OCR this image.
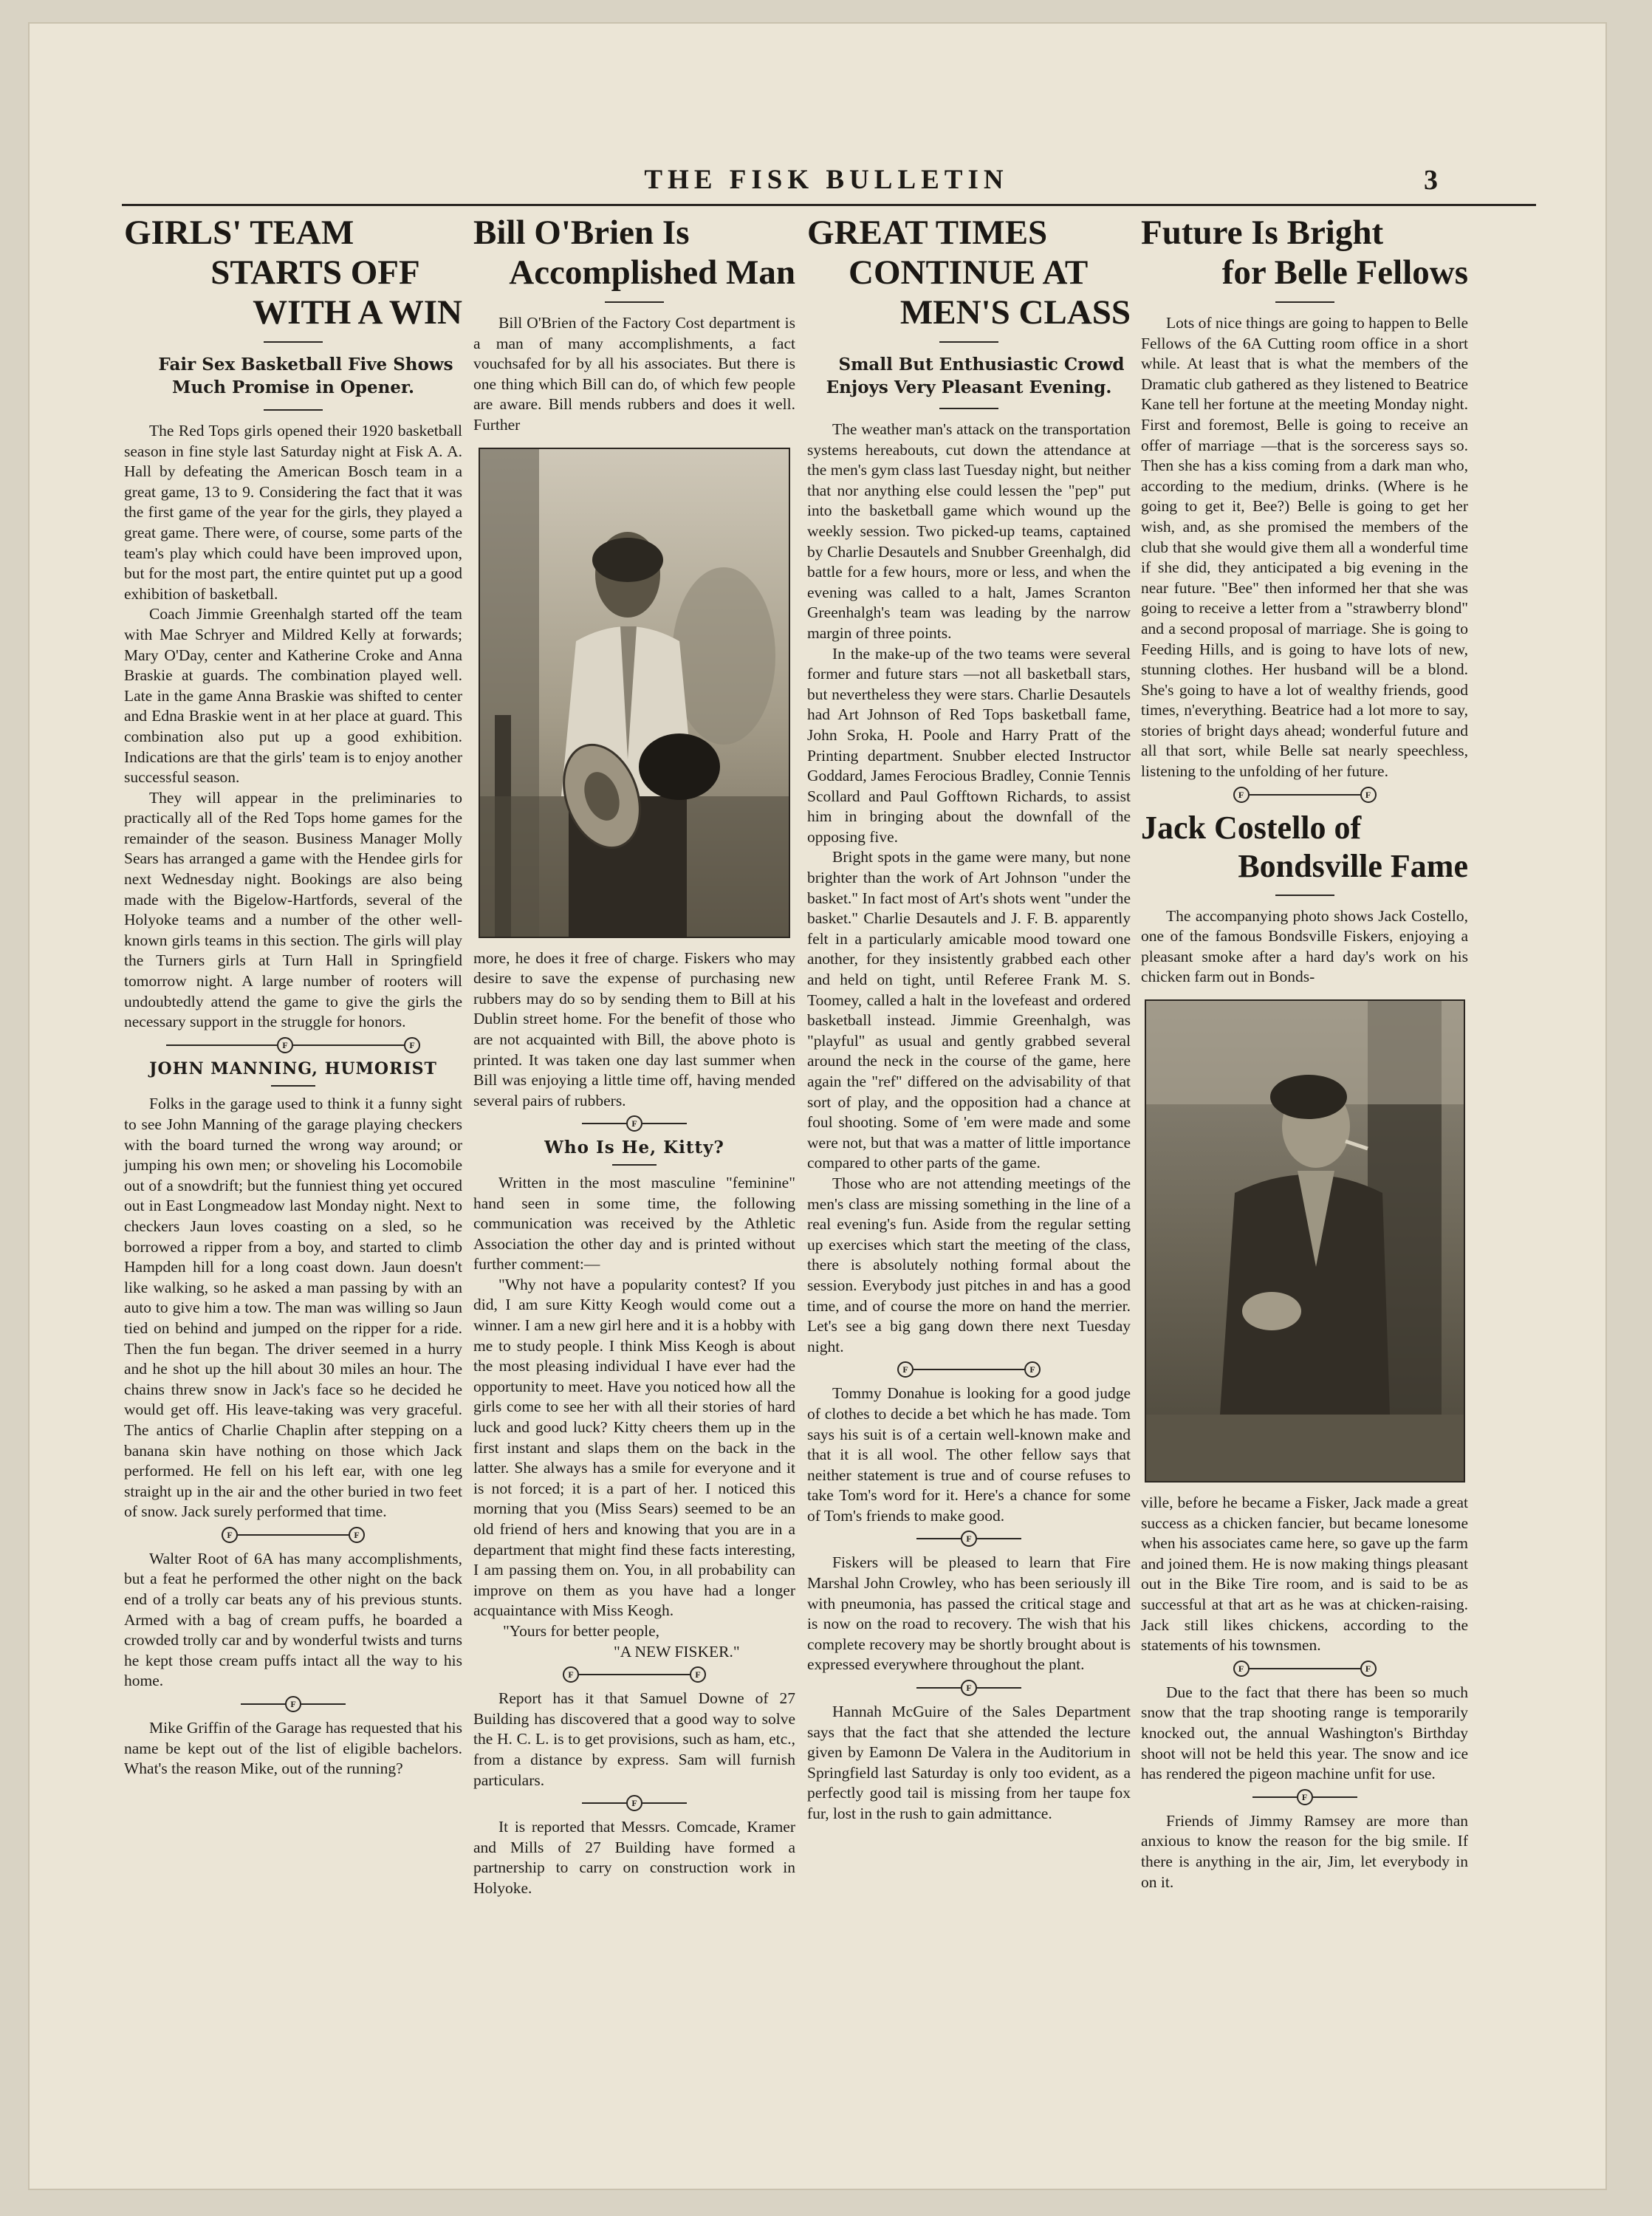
THE FISK BULLETIN	3
GIRLS' TEAM
STARTS OFF
WITH A WIN

Fair Sex Basketball Five Shows Much Promise in Opener.

The Red Tops girls opened their 1920 basketball season in fine style last Saturday night at Fisk A. A. Hall by defeating the American Bosch team in a great game, 13 to 9. Considering the fact that it was the first game of the year for the girls, they played a great game. There were, of course, some parts of the team's play which could have been improved upon, but for the most part, the entire quintet put up a good exhibition of basketball.

Coach Jimmie Greenhalgh started off the team with Mae Schryer and Mildred Kelly at forwards; Mary O'Day, center and Katherine Croke and Anna Braskie at guards. The combination played well. Late in the game Anna Braskie was shifted to center and Edna Braskie went in at her place at guard. This combination also put up a good exhibition. Indications are that the girls' team is to enjoy another successful season.

They will appear in the preliminaries to practically all of the Red Tops home games for the remainder of the season. Business Manager Molly Sears has arranged a game with the Hendee girls for next Wednesday night. Bookings are also being made with the Bigelow-Hartfords, several of the Holyoke teams and a number of the other well-known girls teams in this section. The girls will play the Turners girls at Turn Hall in Springfield tomorrow night. A large number of rooters will undoubtedly attend the game to give the girls the necessary support in the struggle for honors.

F	F
JOHN MANNING, HUMORIST

Folks in the garage used to think it a funny sight to see John Manning of the garage playing checkers with the board turned the wrong way around; or jumping his own men; or shoveling his Locomobile out of a snowdrift; but the funniest thing yet occured out in East Longmeadow last Monday night. Next to checkers Jaun loves coasting on a sled, so he borrowed a ripper from a boy, and started to climb Hampden hill for a long coast down. Jaun doesn't like walking, so he asked a man passing by with an auto to give him a tow. The man was willing so Jaun tied on behind and jumped on the ripper for a ride. Then the fun began. The driver seemed in a hurry and he shot up the hill about 30 miles an hour. The chains threw snow in Jack's face so he decided he would get off. His leave-taking was very graceful. The antics of Charlie Chaplin after stepping on a banana skin have nothing on those which Jack performed. He fell on his left ear, with one leg straight up in the air and the other buried in two feet of snow. Jack surely performed that time.

F	F

Walter Root of 6A has many accomplishments, but a feat he performed the other night on the back end of a trolly car beats any of his previous stunts. Armed with a bag of cream puffs, he boarded a crowded trolly car and by wonderful twists and turns he kept those cream puffs intact all the way to his home.

F

Mike Griffin of the Garage has requested that his name be kept out of the list of eligible bachelors. What's the reason Mike, out of the running?

Bill O'Brien Is
Accomplished Man

Bill O'Brien of the Factory Cost department is a man of many accomplishments, a fact vouchsafed for by all his associates. But there is one thing which Bill can do, of which few people are aware. Bill mends rubbers and does it well. Further

more, he does it free of charge. Fiskers who may desire to save the expense of purchasing new rubbers may do so by sending them to Bill at his Dublin street home. For the benefit of those who are not acquainted with Bill, the above photo is printed. It was taken one day last summer when Bill was enjoying a little time off, having mended several pairs of rubbers.

F
Who Is He, Kitty?

Written in the most masculine "feminine" hand seen in some time, the following communication was received by the Athletic Association the other day and is printed without further comment:—

"Why not have a popularity contest? If you did, I am sure Kitty Keogh would come out a winner. I am a new girl here and it is a hobby with me to study people. I think Miss Keogh is about the most pleasing individual I have ever had the opportunity to meet. Have you noticed how all the girls come to see her with all their stories of hard luck and good luck? Kitty cheers them up in the first instant and slaps them on the back in the latter. She always has a smile for everyone and it is not forced; it is a part of her. I noticed this morning that you (Miss Sears) seemed to be an old friend of hers and knowing that you are in a department that might find these facts interesting, I am passing them on. You, in all probability can improve on them as you have had a longer acquaintance with Miss Keogh.

"Yours for better people,

"A NEW FISKER."

F	F

Report has it that Samuel Downe of 27 Building has discovered that a good way to solve the H. C. L. is to get provisions, such as ham, etc., from a distance by express. Sam will furnish particulars.

F

It is reported that Messrs. Comcade, Kramer and Mills of 27 Building have formed a partnership to carry on construction work in Holyoke.

GREAT TIMES
CONTINUE AT
MEN'S CLASS

Small But Enthusiastic Crowd Enjoys Very Pleasant Evening.

The weather man's attack on the transportation systems hereabouts, cut down the attendance at the men's gym class last Tuesday night, but neither that nor anything else could lessen the "pep" put into the basketball game which wound up the weekly session. Two picked-up teams, captained by Charlie Desautels and Snubber Greenhalgh, did battle for a few hours, more or less, and when the evening was called to a halt, James Scranton Greenhalgh's team was leading by the narrow margin of three points.

In the make-up of the two teams were several former and future stars —not all basketball stars, but nevertheless they were stars. Charlie Desautels had Art Johnson of Red Tops basketball fame, John Sroka, H. Poole and Harry Pratt of the Printing department. Snubber elected Instructor Goddard, James Ferocious Bradley, Connie Tennis Scollard and Paul Gofftown Richards, to assist him in bringing about the downfall of the opposing five.

Bright spots in the game were many, but none brighter than the work of Art Johnson "under the basket." In fact most of Art's shots went "under the basket." Charlie Desautels and J. F. B. apparently felt in a particularly amicable mood toward one another, for they insistently grabbed each other and held on tight, until Referee Frank M. S. Toomey, called a halt in the lovefeast and ordered basketball instead. Jimmie Greenhalgh, was "playful" as usual and gently grabbed several around the neck in the course of the game, here again the "ref" differed on the advisability of that sort of play, and the opposition had a chance at foul shooting. Some of 'em were made and some were not, but that was a matter of little importance compared to other parts of the game.

Those who are not attending meetings of the men's class are missing something in the line of a real evening's fun. Aside from the regular setting up exercises which start the meeting of the class, there is absolutely nothing formal about the session. Everybody just pitches in and has a good time, and of course the more on hand the merrier. Let's see a big gang down there next Tuesday night.

F	F

Tommy Donahue is looking for a good judge of clothes to decide a bet which he has made. Tom says his suit is of a certain well-known make and that it is all wool. The other fellow says that neither statement is true and of course refuses to take Tom's word for it. Here's a chance for some of Tom's friends to make good.

F

Fiskers will be pleased to learn that Fire Marshal John Crowley, who has been seriously ill with pneumonia, has passed the critical stage and is now on the road to recovery. The wish that his complete recovery may be shortly brought about is expressed everywhere throughout the plant.

F

Hannah McGuire of the Sales Department says that the fact that she attended the lecture given by Eamonn De Valera in the Auditorium in Springfield last Saturday is only too evident, as a perfectly good tail is missing from her taupe fox fur, lost in the rush to gain admittance.

Future Is Bright
for Belle Fellows

Lots of nice things are going to happen to Belle Fellows of the 6A Cutting room office in a short while. At least that is what the members of the Dramatic club gathered as they listened to Beatrice Kane tell her fortune at the meeting Monday night. First and foremost, Belle is going to receive an offer of marriage —that is the sorceress says so. Then she has a kiss coming from a dark man who, according to the medium, drinks. (Where is he going to get it, Bee?) Belle is going to get her wish, and, as she promised the members of the club that she would give them all a wonderful time if she did, they anticipated a big evening in the near future. "Bee" then informed her that she was going to receive a letter from a "strawberry blond" and a second proposal of marriage. She is going to Feeding Hills, and is going to have lots of new, stunning clothes. Her husband will be a blond. She's going to have a lot of wealthy friends, good times, n'everything. Beatrice had a lot more to say, stories of bright days ahead; wonderful future and all that sort, while Belle sat nearly speechless, listening to the unfolding of her future.

F	F
Jack Costello of
Bondsville Fame

The accompanying photo shows Jack Costello, one of the famous Bondsville Fiskers, enjoying a pleasant smoke after a hard day's work on his chicken farm out in Bonds-

ville, before he became a Fisker, Jack made a great success as a chicken fancier, but became lonesome when his associates came here, so gave up the farm and joined them. He is now making things pleasant out in the Bike Tire room, and is said to be as successful at that art as he was at chicken-raising. Jack still likes chickens, according to the statements of his townsmen.

F	F

Due to the fact that there has been so much snow that the trap shooting range is temporarily knocked out, the annual Washington's Birthday shoot will not be held this year. The snow and ice has rendered the pigeon machine unfit for use.

F

Friends of Jimmy Ramsey are more than anxious to know the reason for the big smile. If there is anything in the air, Jim, let everybody in on it.
